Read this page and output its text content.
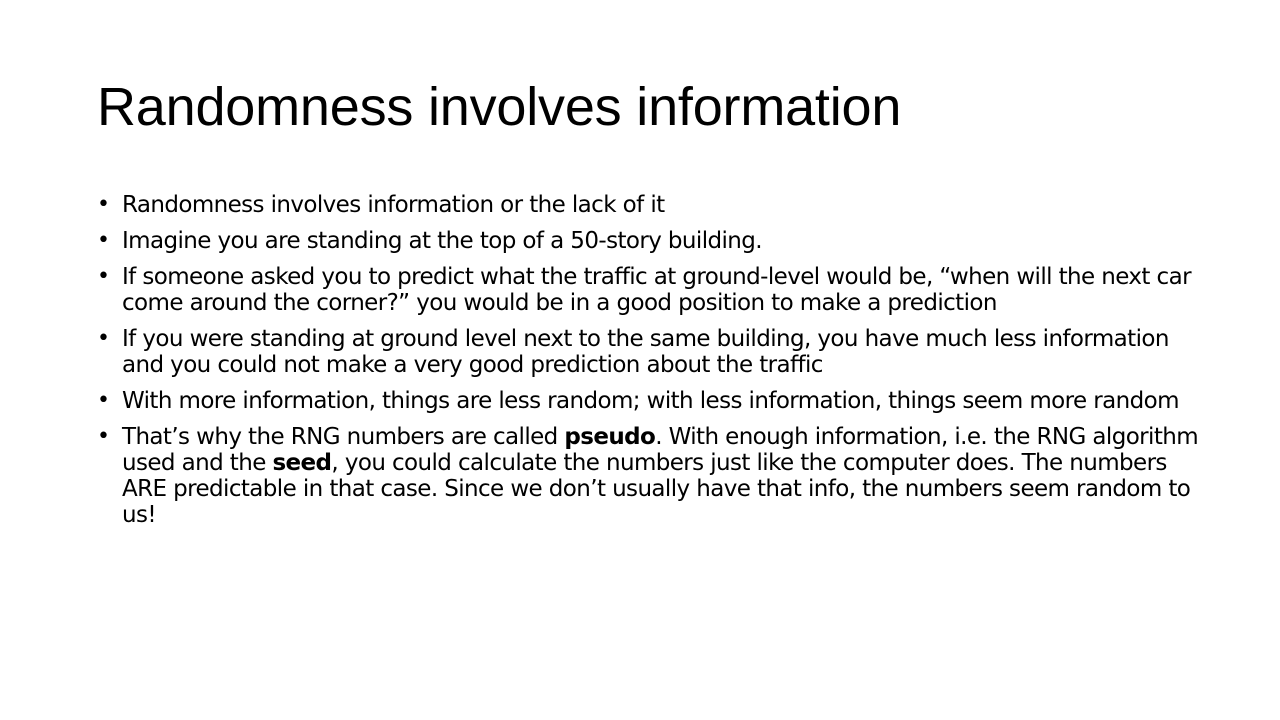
Randomness involves information
• Randomness involves information or the lack of it
• Imagine you are standing at the top of a 50-story building.
• If someone asked you to predict what the traffic at ground-level would be, “when will the next car come around the corner?” you would be in a good position to make a prediction
• If you were standing at ground level next to the same building, you have much less information and you could not make a very good prediction about the traffic
• With more information, things are less random; with less information, things seem more random
• That’s why the RNG numbers are called pseudo. With enough information, i.e. the RNG algorithm used and the seed, you could calculate the numbers just like the computer does. The numbers ARE predictable in that case. Since we don’t usually have that info, the numbers seem random to us!
